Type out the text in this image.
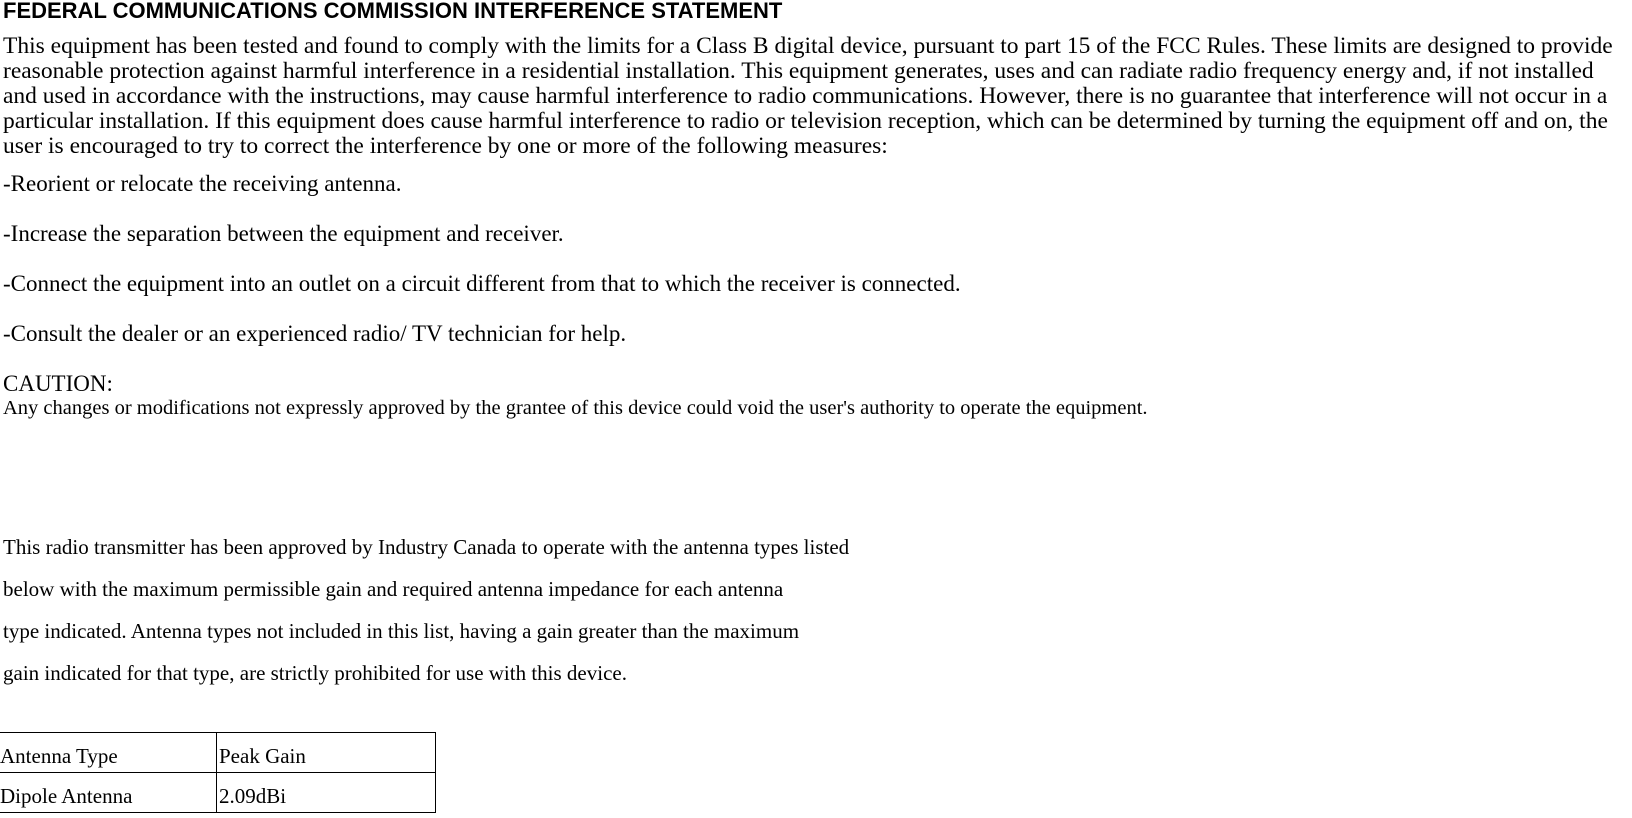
FEDERAL COMMUNICATIONS COMMISSION INTERFERENCE STATEMENT

This equipment has been tested and found to comply with the limits for a Class B digital device, pursuant to part 15 of the FCC Rules. These limits are designed to provide reasonable protection against harmful interference in a residential installation. This equipment generates, uses and can radiate radio frequency energy and, if not installed and used in accordance with the instructions, may cause harmful interference to radio communications. However, there is no guarantee that interference will not occur in a particular installation. If this equipment does cause harmful interference to radio or television reception, which can be determined by turning the equipment off and on, the user is encouraged to try to correct the interference by one or more of the following measures:

-Reorient or relocate the receiving antenna.
-Increase the separation between the equipment and receiver.
-Connect the equipment into an outlet on a circuit different from that to which the receiver is connected.
-Consult the dealer or an experienced radio/ TV technician for help.

CAUTION:

Any changes or modifications not expressly approved by the grantee of this device could void the user's authority to operate the equipment.

This radio transmitter has been approved by Industry Canada to operate with the antenna types listed

below with the maximum permissible gain and required antenna impedance for each antenna

type indicated. Antenna types not included in this list, having a gain greater than the maximum

gain indicated for that type, are strictly prohibited for use with this device.

Antenna Type	Peak Gain
Dipole Antenna	2.09dBi
